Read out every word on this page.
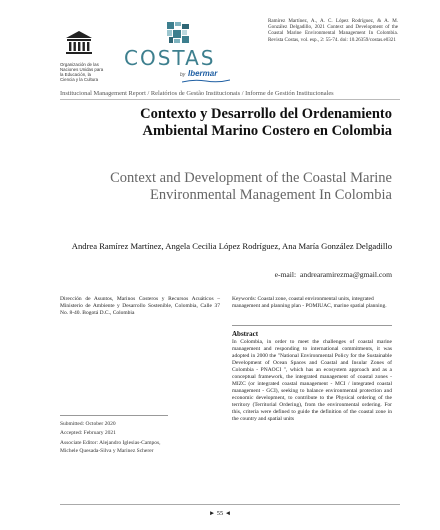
Organización de las Naciones Unidas para la Educación, la Ciencia y la Cultura
COSTAS
by Ibermar
Ramírez Martínez, A., A. C. López Rodríguez, & A. M. González Delgadillo, 2021 Context and Development of the Coastal Marine Environmental Management In Colombia. Revista Costas, vol. esp., 2: 55-74. doi: 10.26359/costas.e0321
Institucional Management Report / Relatórios de Gestão Institucionais / Informe de Gestión Institucionales
Contexto y Desarrollo del Ordenamiento Ambiental Marino Costero en Colombia
Context and Development of the Coastal Marine Environmental Management In Colombia
Andrea Ramírez Martínez, Angela Cecilia López Rodríguez, Ana María González Delgadillo
e-mail: andrearamirezma@gmail.com
Dirección de Asuntos, Marinos Costeros y Recursos Acuáticos – Ministerio de Ambiente y Desarrollo Sostenible, Colombia, Calle 37 No. 8-40. Bogotá D.C., Colombia
Submitted: October 2020
Accepted: February 2021
Associate Editor: Alejandro Iglesias-Campos,
Michele Quesada-Silva y Marinez Scherer
Keywords: Coastal zone, coastal environmental units, integrated management and planning plan - POMIUAC, marine spatial planning.
Abstract
In Colombia, in order to meet the challenges of coastal marine management and responding to international commitments, it was adopted in 2000 the "National Environmental Policy for the Sustainable Development of Ocean Spaces and Coastal and Insular Zones of Colombia - PNAOCI ", which has an ecosystem approach and as a conceptual framework, the integrated management of coastal zones -MIZC (or integrated coastal management - MCI / integrated coastal management - GCI), seeking to balance environmental protection and economic development, to contribute to the Physical ordering of the territory (Territorial Ordering), from the environmental ordering. For this, criteria were defined to guide the definition of the coastal zone in the country and spatial units
► 55 ◄
